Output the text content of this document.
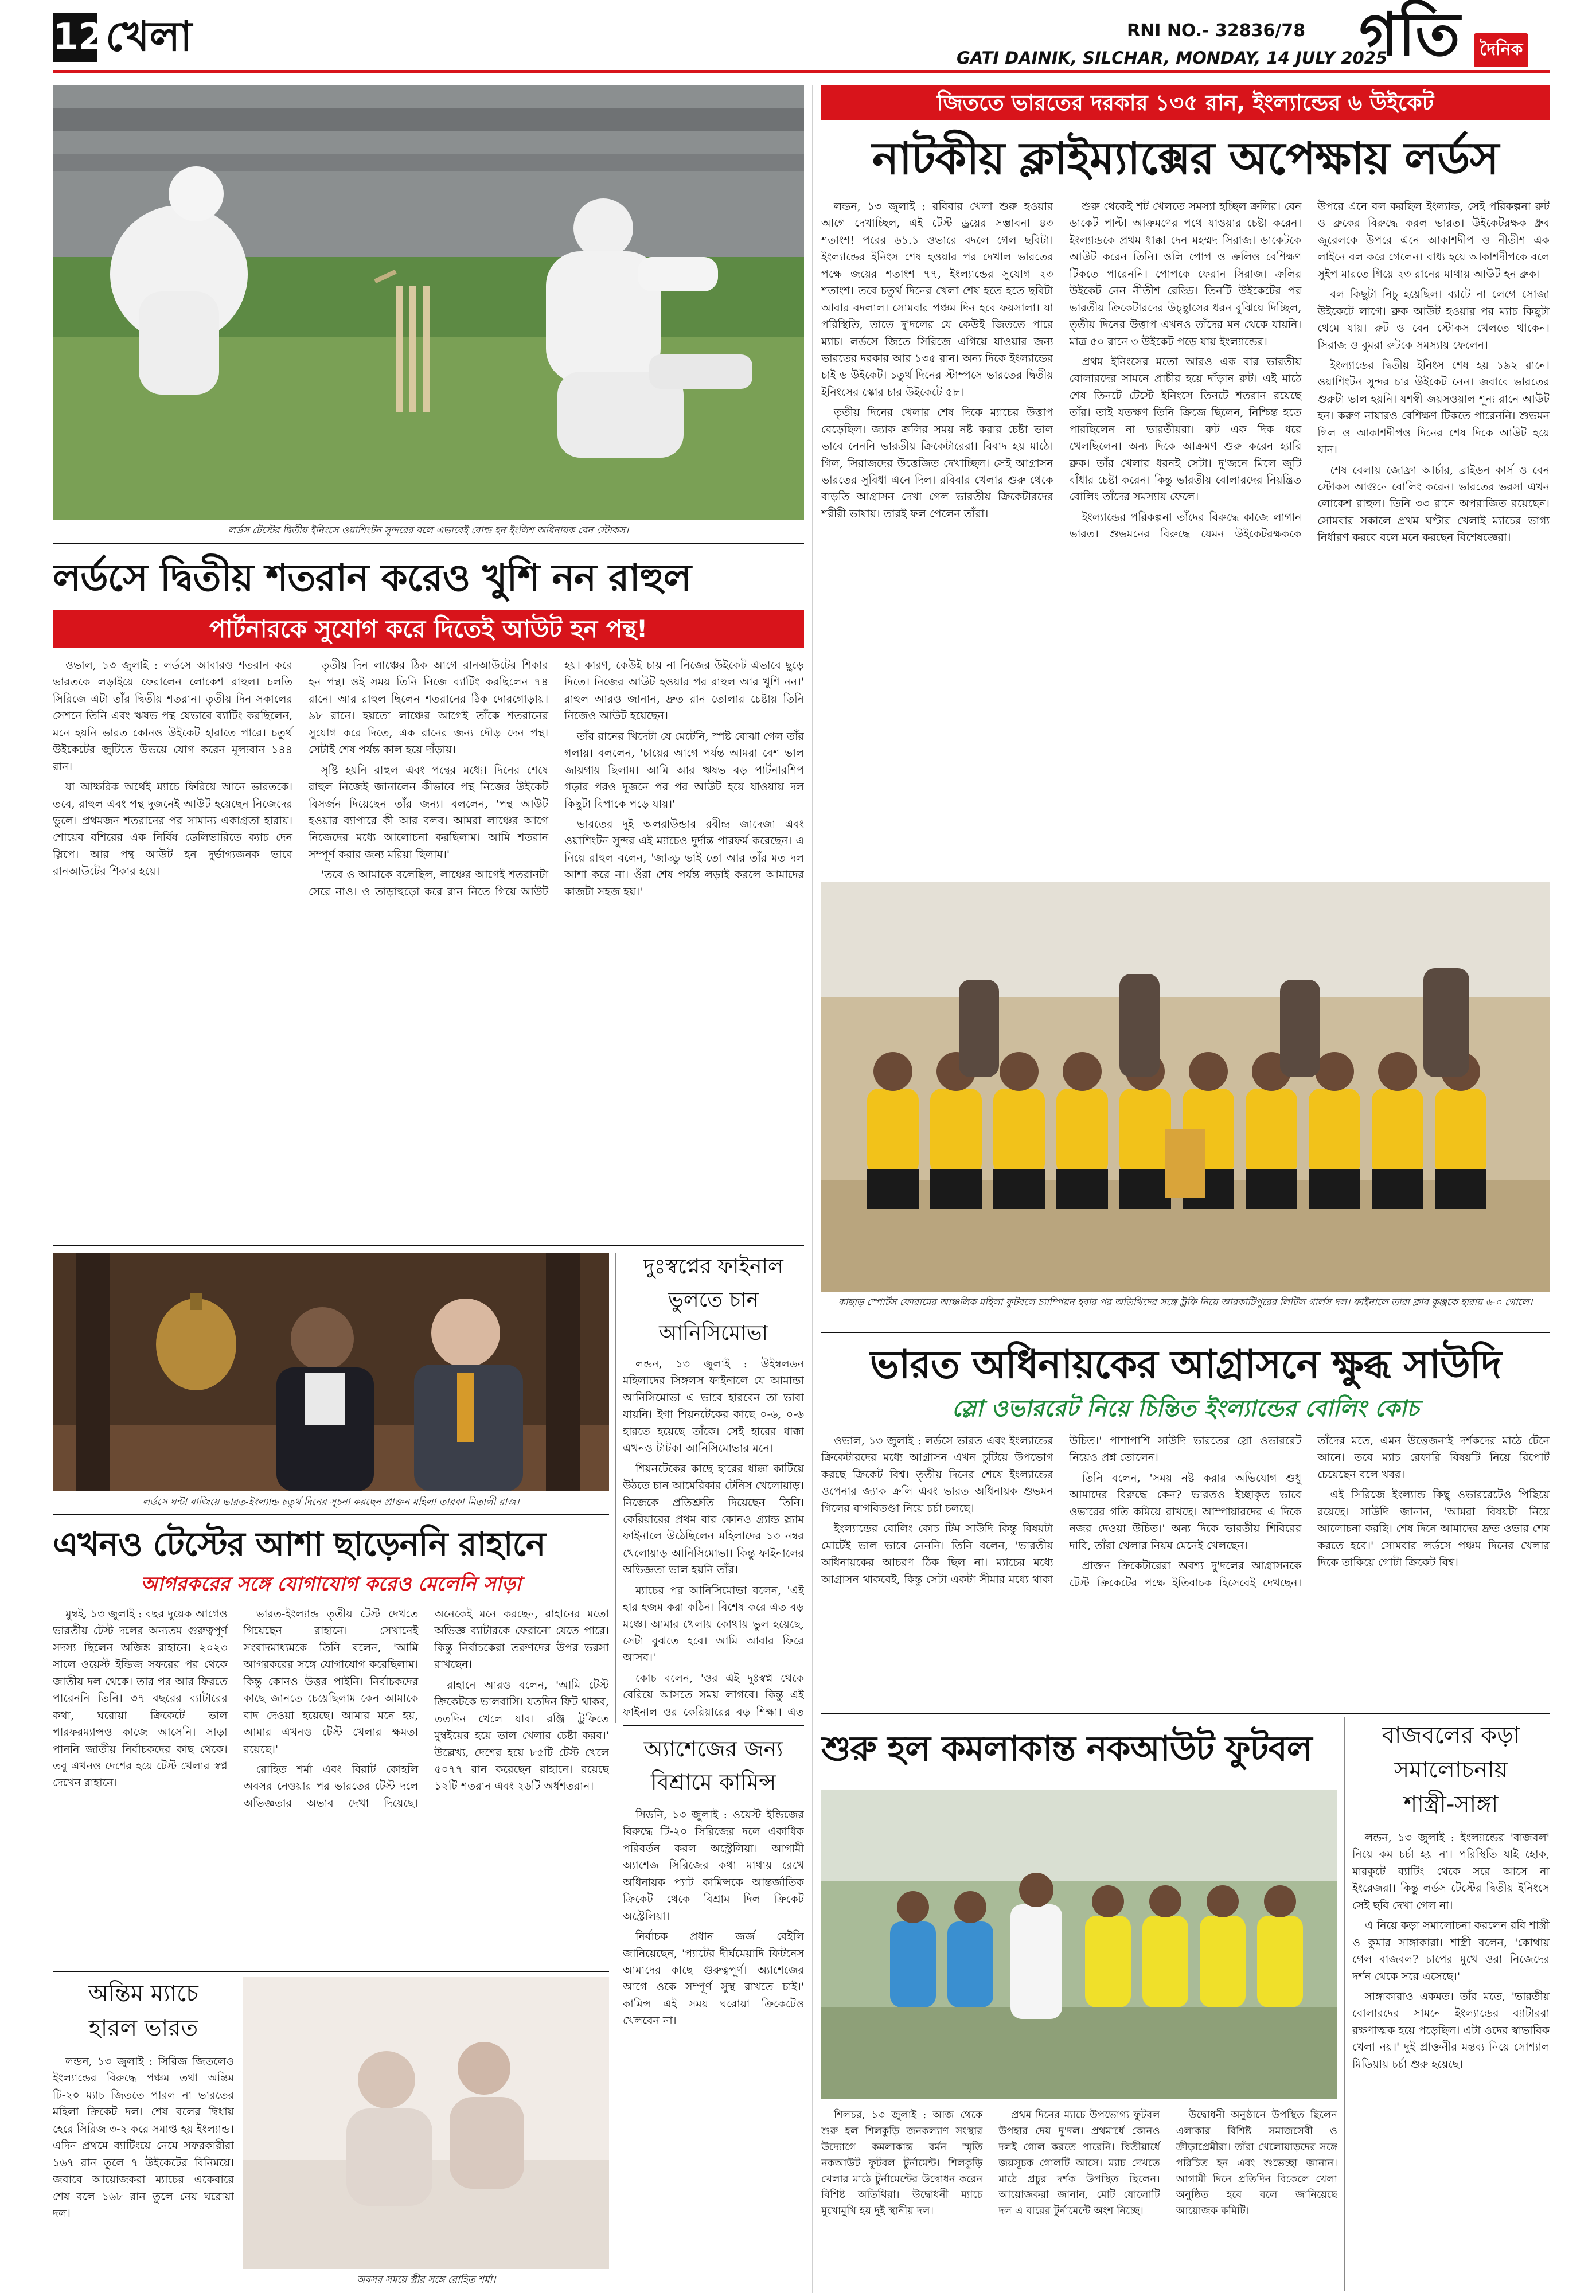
12 খেলা	RNI NO.- 32836/78
GATI DAINIK, SILCHAR, MONDAY, 14 JULY 2025
গতি	দৈনিক
লর্ডস টেস্টের দ্বিতীয় ইনিংসে ওয়াশিংটন সুন্দরের বলে এভাবেই বোল্ড হন ইংলিশ অধিনায়ক বেন স্টোকস।
লর্ডসে দ্বিতীয় শতরান করেও খুশি নন রাহুল
পার্টনারকে সুযোগ করে দিতেই আউট হন পন্থ!

ওভাল, ১৩ জুলাই : লর্ডসে আবারও শতরান করে ভারতকে লড়াইয়ে ফেরালেন লোকেশ রাহুল। চলতি সিরিজে এটা তাঁর দ্বিতীয় শতরান। তৃতীয় দিন সকালের সেশনে তিনি এবং ঋষভ পন্থ যেভাবে ব্যাটিং করছিলেন, মনে হয়নি ভারত কোনও উইকেট হারাতে পারে। চতুর্থ উইকেটের জুটিতে উভয়ে যোগ করেন মূল্যবান ১৪৪ রান।

যা আক্ষরিক অর্থেই ম্যাচে ফিরিয়ে আনে ভারতকে। তবে, রাহুল এবং পন্থ দুজনেই আউট হয়েছেন নিজেদের ভুলে। প্রথমজন শতরানের পর সামান্য একাগ্রতা হারায়। শোয়েব বশিরের এক নির্বিষ ডেলিভারিতে ক্যাচ দেন স্লিপে। আর পন্থ আউট হন দুর্ভাগ্যজনক ভাবে রানআউটের শিকার হয়ে।

তৃতীয় দিন লাঞ্চের ঠিক আগে রানআউটের শিকার হন পন্থ। ওই সময় তিনি নিজে ব্যাটিং করছিলেন ৭৪ রানে। আর রাহুল ছিলেন শতরানের ঠিক দোরগোড়ায়। ৯৮ রানে। হয়তো লাঞ্চের আগেই তাঁকে শতরানের সুযোগ করে দিতে, এক রানের জন্য দৌড় দেন পন্থ। সেটাই শেষ পর্যন্ত কাল হয়ে দাঁড়ায়।

সৃষ্টি হয়নি রাহুল এবং পন্থের মধ্যে। দিনের শেষে রাহুল নিজেই জানালেন কীভাবে পন্থ নিজের উইকেট বিসর্জন দিয়েছেন তাঁর জন্য। বললেন, 'পন্থ আউট হওয়ার ব্যাপারে কী আর বলব। আমরা লাঞ্চের আগে নিজেদের মধ্যে আলোচনা করছিলাম। আমি শতরান সম্পূর্ণ করার জন্য মরিয়া ছিলাম।'

'তবে ও আমাকে বলেছিল, লাঞ্চের আগেই শতরানটা সেরে নাও। ও তাড়াহুড়ো করে রান নিতে গিয়ে আউট হয়। কারণ, কেউই চায় না নিজের উইকেট এভাবে ছুড়ে দিতে। নিজের আউট হওয়ার পর রাহুল আর খুশি নন।' রাহুল আরও জানান, দ্রুত রান তোলার চেষ্টায় তিনি নিজেও আউট হয়েছেন।

তাঁর রানের খিদেটা যে মেটেনি, স্পষ্ট বোঝা গেল তাঁর গলায়। বললেন, 'চায়ের আগে পর্যন্ত আমরা বেশ ভাল জায়গায় ছিলাম। আমি আর ঋষভ বড় পার্টনারশিপ গড়ার পরও দুজনে পর পর আউট হয়ে যাওয়ায় দল কিছুটা বিপাকে পড়ে যায়।'

ভারতের দুই অলরাউন্ডার রবীন্দ্র জাদেজা এবং ওয়াশিংটন সুন্দর এই ম্যাচেও দুর্দান্ত পারফর্ম করেছেন। এ নিয়ে রাহুল বলেন, 'জাড্ডু ভাই তো আর তাঁর মত দল আশা করে না। ওঁরা শেষ পর্যন্ত লড়াই করলে আমাদের কাজটা সহজ হয়।'

লর্ডসে ঘন্টা বাজিয়ে ভারত-ইংল্যান্ড চতুর্থ দিনের সূচনা করছেন প্রাক্তন মহিলা তারকা মিতালী রাজ।
দুঃস্বপ্নের ফাইনাল
ভুলতে চান
আনিসিমোভা

লন্ডন, ১৩ জুলাই : উইম্বলডন মহিলাদের সিঙ্গলস ফাইনালে যে আমান্ডা আনিসিমোভা এ ভাবে হারবেন তা ভাবা যায়নি। ইগা শিয়নটেকের কাছে ০-৬, ০-৬ হারতে হয়েছে তাঁকে। সেই হারের ধাক্কা এখনও টাটকা আনিসিমোভার মনে।

শিয়নটেকের কাছে হারের ধাক্কা কাটিয়ে উঠতে চান আমেরিকার টেনিস খেলোয়াড়। নিজেকে প্রতিশ্রুতি দিয়েছেন তিনি। কেরিয়ারের প্রথম বার কোনও গ্র্যান্ড স্ল্যাম ফাইনালে উঠেছিলেন মহিলাদের ১৩ নম্বর খেলোয়াড় আনিসিমোভা। কিন্তু ফাইনালের অভিজ্ঞতা ভাল হয়নি তাঁর।

ম্যাচের পর আনিসিমোভা বলেন, 'এই হার হজম করা কঠিন। বিশেষ করে এত বড় মঞ্চে। আমার খেলায় কোথায় ভুল হয়েছে, সেটা বুঝতে হবে। আমি আবার ফিরে আসব।'

কোচ বলেন, 'ওর এই দুঃস্বপ্ন থেকে বেরিয়ে আসতে সময় লাগবে। কিন্তু এই ফাইনাল ওর কেরিয়ারের বড় শিক্ষা। এত

এখনও টেস্টের আশা ছাড়েননি রাহানে
আগরকরের সঙ্গে যোগাযোগ করেও মেলেনি সাড়া

মুম্বই, ১৩ জুলাই : বছর দুয়েক আগেও ভারতীয় টেস্ট দলের অন্যতম গুরুত্বপূর্ণ সদস্য ছিলেন অজিঙ্ক রাহানে। ২০২৩ সালে ওয়েস্ট ইন্ডিজ সফরের পর থেকে জাতীয় দল থেকে। তার পর আর ফিরতে পারেননি তিনি। ৩৭ বছরের ব্যাটারের কথা, ঘরোয়া ক্রিকেটে ভাল পারফরম্যান্সও কাজে আসেনি। সাড়া পাননি জাতীয় নির্বাচকদের কাছ থেকে। তবু এখনও দেশের হয়ে টেস্ট খেলার স্বপ্ন দেখেন রাহানে।

ভারত-ইংল্যান্ড তৃতীয় টেস্ট দেখতে গিয়েছেন রাহানে। সেখানেই সংবাদমাধ্যমকে তিনি বলেন, 'আমি আগরকরের সঙ্গে যোগাযোগ করেছিলাম। কিন্তু কোনও উত্তর পাইনি। নির্বাচকদের কাছে জানতে চেয়েছিলাম কেন আমাকে বাদ দেওয়া হয়েছে। আমার মনে হয়, আমার এখনও টেস্ট খেলার ক্ষমতা রয়েছে।'

রোহিত শর্মা এবং বিরাট কোহলি অবসর নেওয়ার পর ভারতের টেস্ট দলে অভিজ্ঞতার অভাব দেখা দিয়েছে। অনেকেই মনে করছেন, রাহানের মতো অভিজ্ঞ ব্যাটারকে ফেরানো যেতে পারে। কিন্তু নির্বাচকেরা তরুণদের উপর ভরসা রাখছেন।

রাহানে আরও বলেন, 'আমি টেস্ট ক্রিকেটকে ভালবাসি। যতদিন ফিট থাকব, ততদিন খেলে যাব। রঞ্জি ট্রফিতে মুম্বইয়ের হয়ে ভাল খেলার চেষ্টা করব।' উল্লেখ্য, দেশের হয়ে ৮৫টি টেস্ট খেলে ৫০৭৭ রান করেছেন রাহানে। রয়েছে ১২টি শতরান এবং ২৬টি অর্ধশতরান।

অ্যাশেজের জন্য
বিশ্রামে কামিন্স

সিডনি, ১৩ জুলাই : ওয়েস্ট ইন্ডিজের বিরুদ্ধে টি-২০ সিরিজের দলে একাধিক পরিবর্তন করল অস্ট্রেলিয়া। আগামী অ্যাশেজ সিরিজের কথা মাথায় রেখে অধিনায়ক প্যাট কামিন্সকে আন্তর্জাতিক ক্রিকেট থেকে বিশ্রাম দিল ক্রিকেট অস্ট্রেলিয়া।

নির্বাচক প্রধান জর্জ বেইলি জানিয়েছেন, 'প্যাটের দীর্ঘমেয়াদি ফিটনেস আমাদের কাছে গুরুত্বপূর্ণ। অ্যাশেজের আগে ওকে সম্পূর্ণ সুস্থ রাখতে চাই।' কামিন্স এই সময় ঘরোয়া ক্রিকেটেও খেলবেন না।

অন্তিম ম্যাচে
হারল ভারত

লন্ডন, ১৩ জুলাই : সিরিজ জিতলেও ইংল্যান্ডের বিরুদ্ধে পঞ্চম তথা অন্তিম টি-২০ ম্যাচ জিততে পারল না ভারতের মহিলা ক্রিকেট দল। শেষ বলের দ্বিধায় হেরে সিরিজ ৩-২ করে সমাপ্ত হয় ইংল্যান্ড। এদিন প্রথমে ব্যাটিংয়ে নেমে সফরকারীরা ১৬৭ রান তুলে ৭ উইকেটের বিনিময়ে। জবাবে আয়োজকরা ম্যাচের একেবারে শেষ বলে ১৬৮ রান তুলে নেয় ঘরোয়া দল।

অবসর সময়ে স্ত্রীর সঙ্গে রোহিত শর্মা।
জিততে ভারতের দরকার ১৩৫ রান, ইংল্যান্ডের ৬ উইকেট
নাটকীয় ক্লাইম্যাক্সের অপেক্ষায় লর্ডস

লন্ডন, ১৩ জুলাই : রবিবার খেলা শুরু হওয়ার আগে দেখাচ্ছিল, এই টেস্ট ড্রয়ের সম্ভাবনা ৪৩ শতাংশ! পরের ৬১.১ ওভারে বদলে গেল ছবিটা। ইংল্যান্ডের ইনিংস শেষ হওয়ার পর দেখাল ভারতের পক্ষে জয়ের শতাংশ ৭৭, ইংল্যান্ডের সুযোগ ২৩ শতাংশ। তবে চতুর্থ দিনের খেলা শেষ হতে হতে ছবিটা আবার বদলাল। সোমবার পঞ্চম দিন হবে ফয়সালা। যা পরিস্থিতি, তাতে দু'দলের যে কেউই জিততে পারে ম্যাচ। লর্ডসে জিতে সিরিজে এগিয়ে যাওয়ার জন্য ভারতের দরকার আর ১৩৫ রান। অন্য দিকে ইংল্যান্ডের চাই ৬ উইকেট। চতুর্থ দিনের স্টাম্পসে ভারতের দ্বিতীয় ইনিংসের স্কোর চার উইকেটে ৫৮।

তৃতীয় দিনের খেলার শেষ দিকে ম্যাচের উত্তাপ বেড়েছিল। জ্যাক ক্রলির সময় নষ্ট করার চেষ্টা ভাল ভাবে নেননি ভারতীয় ক্রিকেটারেরা। বিবাদ হয় মাঠে। গিল, সিরাজদের উত্তেজিত দেখাচ্ছিল। সেই আগ্রাসন ভারতের সুবিধা এনে দিল। রবিবার খেলার শুরু থেকে বাড়তি আগ্রাসন দেখা গেল ভারতীয় ক্রিকেটারদের শরীরী ভাষায়। তারই ফল পেলেন তাঁরা।

শুরু থেকেই শট খেলতে সমস্যা হচ্ছিল ক্রলির। বেন ডাকেট পাল্টা আক্রমণের পথে যাওয়ার চেষ্টা করেন। ইংল্যান্ডকে প্রথম ধাক্কা দেন মহম্মদ সিরাজ। ডাকেটকে আউট করেন তিনি। ওলি পোপ ও ক্রলিও বেশিক্ষণ টিকতে পারেননি। পোপকে ফেরান সিরাজ। ক্রলির উইকেট নেন নীতীশ রেড্ডি। তিনটি উইকেটের পর ভারতীয় ক্রিকেটারদের উচ্ছ্বাসের ধরন বুঝিয়ে দিচ্ছিল, তৃতীয় দিনের উত্তাপ এখনও তাঁদের মন থেকে যায়নি। মাত্র ৫০ রানে ৩ উইকেট পড়ে যায় ইংল্যান্ডের।

প্রথম ইনিংসের মতো আরও এক বার ভারতীয় বোলারদের সামনে প্রাচীর হয়ে দাঁড়ান রুট। এই মাঠে শেষ তিনটে টেস্টে ইনিংসে তিনটে শতরান রয়েছে তাঁর। তাই যতক্ষণ তিনি ক্রিজে ছিলেন, নিশ্চিন্ত হতে পারছিলেন না ভারতীয়রা। রুট এক দিক ধরে খেলছিলেন। অন্য দিকে আক্রমণ শুরু করেন হ্যারি ব্রুক। তাঁর খেলার ধরনই সেটা। দু'জনে মিলে জুটি বাঁধার চেষ্টা করেন। কিন্তু ভারতীয় বোলারদের নিয়ন্ত্রিত বোলিং তাঁদের সমস্যায় ফেলে।

ইংল্যান্ডের পরিকল্পনা তাঁদের বিরুদ্ধে কাজে লাগান ভারত। শুভমনের বিরুদ্ধে যেমন উইকেটরক্ষককে উপরে এনে বল করছিল ইংল্যান্ড, সেই পরিকল্পনা রুট ও ব্রুকের বিরুদ্ধে করল ভারত। উইকেটরক্ষক ধ্রুব জুরেলকে উপরে এনে আকাশদীপ ও নীতীশ এক লাইনে বল করে গেলেন। বাধ্য হয়ে আকাশদীপকে বলে সুইপ মারতে গিয়ে ২৩ রানের মাথায় আউট হন ব্রুক।

বল কিছুটা নিচু হয়েছিল। ব্যাটে না লেগে সোজা উইকেটে লাগে। ব্রুক আউট হওয়ার পর ম্যাচ কিছুটা থেমে যায়। রুট ও বেন স্টোকস খেলতে থাকেন। সিরাজ ও বুমরা রুটকে সমস্যায় ফেলেন।

ইংল্যান্ডের দ্বিতীয় ইনিংস শেষ হয় ১৯২ রানে। ওয়াশিংটন সুন্দর চার উইকেট নেন। জবাবে ভারতের শুরুটা ভাল হয়নি। যশস্বী জয়সওয়াল শূন্য রানে আউট হন। করুণ নায়ারও বেশিক্ষণ টিকতে পারেননি। শুভমন গিল ও আকাশদীপও দিনের শেষ দিকে আউট হয়ে যান।

শেষ বেলায় জোফ্রা আর্চার, ব্রাইডন কার্স ও বেন স্টোকস আগুনে বোলিং করেন। ভারতের ভরসা এখন লোকেশ রাহুল। তিনি ৩৩ রানে অপরাজিত রয়েছেন। সোমবার সকালে প্রথম ঘণ্টার খেলাই ম্যাচের ভাগ্য নির্ধারণ করবে বলে মনে করছেন বিশেষজ্ঞেরা।

কাছাড় স্পোর্টস ফোরামের আঞ্চলিক মহিলা ফুটবলে চ্যাম্পিয়ন হবার পর অতিথিদের সঙ্গে ট্রফি নিয়ে আরকাটিপুরের লিটিল গার্লস দল। ফাইনালে তারা ক্লাব কুঞ্জকে হারায় ৬-০ গোলে।
ভারত অধিনায়কের আগ্রাসনে ক্ষুব্ধ সাউদি
স্লো ওভাররেট নিয়ে চিন্তিত ইংল্যান্ডের বোলিং কোচ

ওভাল, ১৩ জুলাই : লর্ডসে ভারত এবং ইংল্যান্ডের ক্রিকেটারদের মধ্যে আগ্রাসন এখন চুটিয়ে উপভোগ করছে ক্রিকেট বিশ্ব। তৃতীয় দিনের শেষে ইংল্যান্ডের ওপেনার জ্যাক ক্রলি এবং ভারত অধিনায়ক শুভমন গিলের বাগবিতণ্ডা নিয়ে চর্চা চলছে।

ইংল্যান্ডের বোলিং কোচ টিম সাউদি কিন্তু বিষয়টা মোটেই ভাল ভাবে নেননি। তিনি বলেন, 'ভারতীয় অধিনায়কের আচরণ ঠিক ছিল না। ম্যাচের মধ্যে আগ্রাসন থাকবেই, কিন্তু সেটা একটা সীমার মধ্যে থাকা উচিত।' পাশাপাশি সাউদি ভারতের স্লো ওভাররেট নিয়েও প্রশ্ন তোলেন।

তিনি বলেন, 'সময় নষ্ট করার অভিযোগ শুধু আমাদের বিরুদ্ধে কেন? ভারতও ইচ্ছাকৃত ভাবে ওভারের গতি কমিয়ে রাখছে। আম্পায়ারদের এ দিকে নজর দেওয়া উচিত।' অন্য দিকে ভারতীয় শিবিরের দাবি, তাঁরা খেলার নিয়ম মেনেই খেলছেন।

প্রাক্তন ক্রিকেটারেরা অবশ্য দু'দলের আগ্রাসনকে টেস্ট ক্রিকেটের পক্ষে ইতিবাচক হিসেবেই দেখছেন। তাঁদের মতে, এমন উত্তেজনাই দর্শকদের মাঠে টেনে আনে। তবে ম্যাচ রেফারি বিষয়টি নিয়ে রিপোর্ট চেয়েছেন বলে খবর।

এই সিরিজে ইংল্যান্ড কিছু ওভাররেটেও পিছিয়ে রয়েছে। সাউদি জানান, 'আমরা বিষয়টা নিয়ে আলোচনা করছি। শেষ দিনে আমাদের দ্রুত ওভার শেষ করতে হবে।' সোমবার লর্ডসে পঞ্চম দিনের খেলার দিকে তাকিয়ে গোটা ক্রিকেট বিশ্ব।

শুরু হল কমলাকান্ত নকআউট ফুটবল

শিলচর, ১৩ জুলাই : আজ থেকে শুরু হল শিলকুড়ি জনকল্যাণ সংস্থার উদ্যোগে কমলাকান্ত বর্মন স্মৃতি নকআউট ফুটবল টুর্নামেন্ট। শিলকুড়ি খেলার মাঠে টুর্নামেন্টের উদ্বোধন করেন বিশিষ্ট অতিথিরা। উদ্বোধনী ম্যাচে মুখোমুখি হয় দুই স্থানীয় দল।

প্রথম দিনের ম্যাচে উপভোগ্য ফুটবল উপহার দেয় দু'দল। প্রথমার্ধে কোনও দলই গোল করতে পারেনি। দ্বিতীয়ার্ধে জয়সূচক গোলটি আসে। ম্যাচ দেখতে মাঠে প্রচুর দর্শক উপস্থিত ছিলেন। আয়োজকরা জানান, মোট ষোলোটি দল এ বারের টুর্নামেন্টে অংশ নিচ্ছে।

উদ্বোধনী অনুষ্ঠানে উপস্থিত ছিলেন এলাকার বিশিষ্ট সমাজসেবী ও ক্রীড়াপ্রেমীরা। তাঁরা খেলোয়াড়দের সঙ্গে পরিচিত হন এবং শুভেচ্ছা জানান। আগামী দিনে প্রতিদিন বিকেলে খেলা অনুষ্ঠিত হবে বলে জানিয়েছে আয়োজক কমিটি।

বাজবলের কড়া
সমালোচনায়
শাস্ত্রী-সাঙ্গা

লন্ডন, ১৩ জুলাই : ইংল্যান্ডের 'বাজবল' নিয়ে কম চর্চা হয় না। পরিস্থিতি যাই হোক, মারকুটে ব্যাটিং থেকে সরে আসে না ইংরেজরা। কিন্তু লর্ডস টেস্টের দ্বিতীয় ইনিংসে সেই ছবি দেখা গেল না।

এ নিয়ে কড়া সমালোচনা করলেন রবি শাস্ত্রী ও কুমার সাঙ্গাকারা। শাস্ত্রী বলেন, 'কোথায় গেল বাজবল? চাপের মুখে ওরা নিজেদের দর্শন থেকে সরে এসেছে।'

সাঙ্গাকারাও একমত। তাঁর মতে, 'ভারতীয় বোলারদের সামনে ইংল্যান্ডের ব্যাটাররা রক্ষণাত্মক হয়ে পড়েছিল। এটা ওদের স্বাভাবিক খেলা নয়।' দুই প্রাক্তনীর মন্তব্য নিয়ে সোশ্যাল মিডিয়ায় চর্চা শুরু হয়েছে।
